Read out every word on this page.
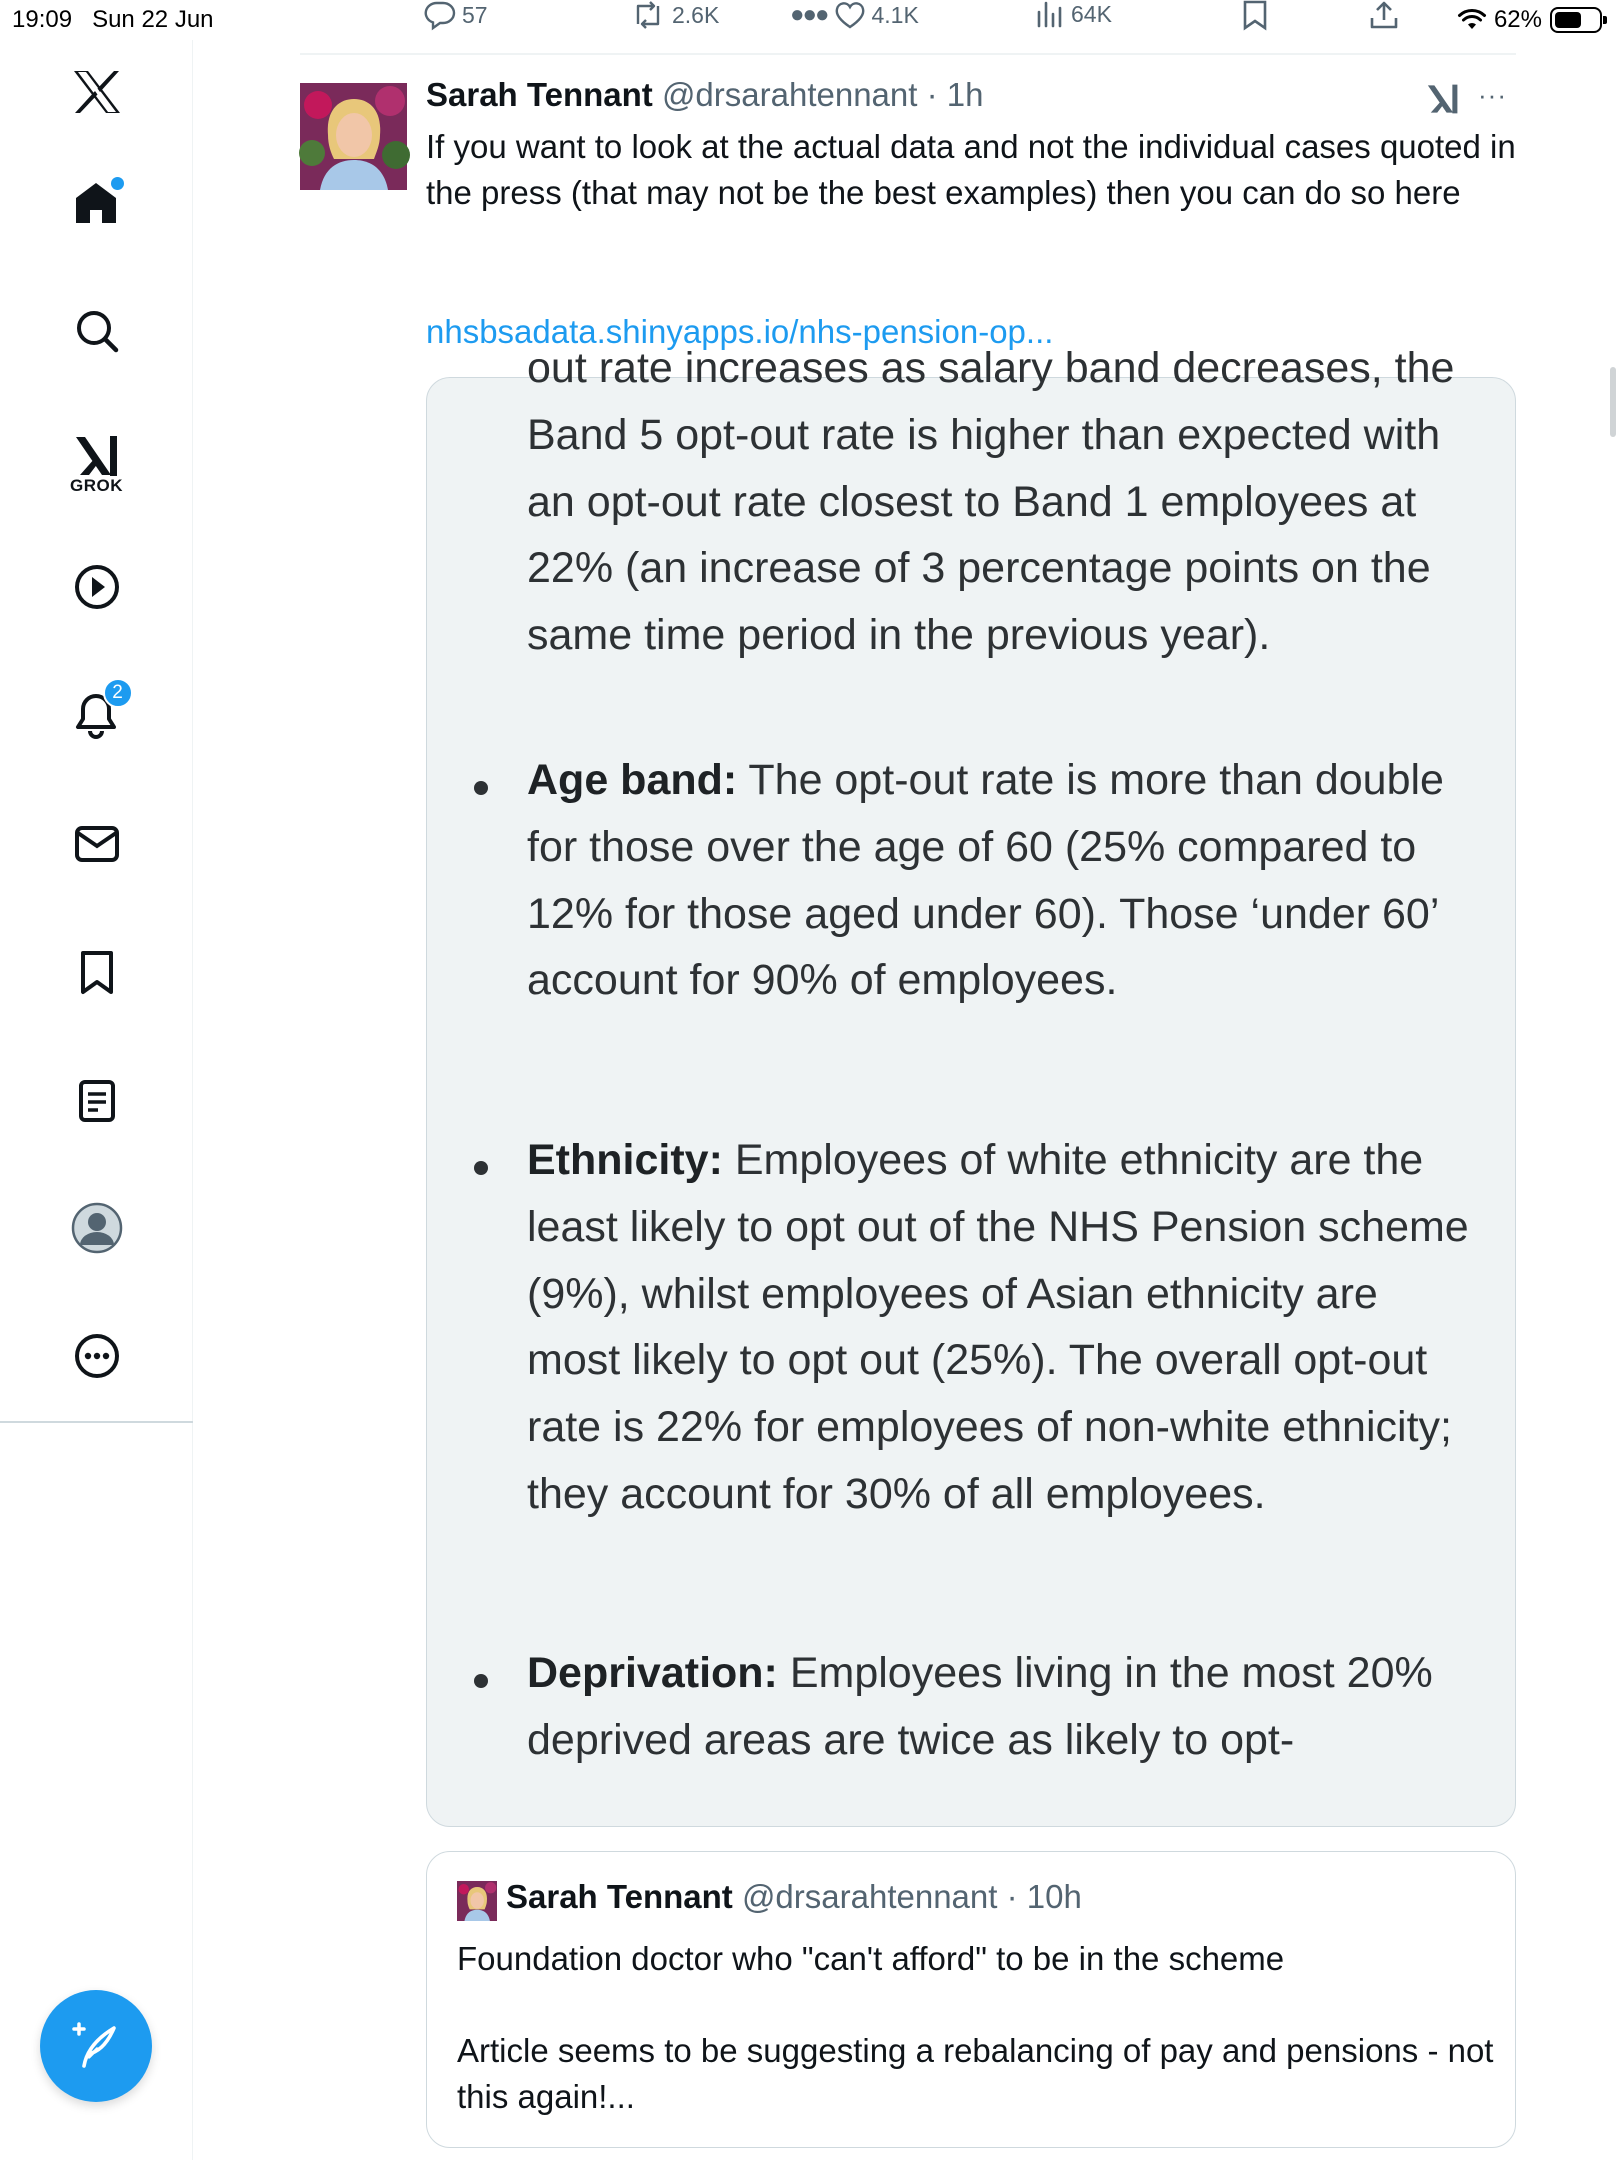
19:09 Sun 22 Jun	62%
57	2.6K	●●● 4.1K	64K
GROK
2
Sarah Tennant @drsarahtennant · 1h	···
If you want to look at the actual data and not the individual cases quoted in the press (that may not be the best examples) then you can do so here
nhsbsadata.shinyapps.io/nhs-pension-op...
out rate increases as salary band decreases, the Band 5 opt-out rate is higher than expected with an opt-out rate closest to Band 1 employees at 22% (an increase of 3 percentage points on the same time period in the previous year).
Age band: The opt-out rate is more than double for those over the age of 60 (25% compared to 12% for those aged under 60). Those ‘under 60’ account for 90% of employees.
Ethnicity: Employees of white ethnicity are the least likely to opt out of the NHS Pension scheme (9%), whilst employees of Asian ethnicity are most likely to opt out (25%). The overall opt-out rate is 22% for employees of non-white ethnicity; they account for 30% of all employees.
Deprivation: Employees living in the most 20% deprived areas are twice as likely to opt-
Sarah Tennant @drsarahtennant · 10h
Foundation doctor who "can't afford" to be in the scheme
Article seems to be suggesting a rebalancing of pay and pensions - not this again!...
